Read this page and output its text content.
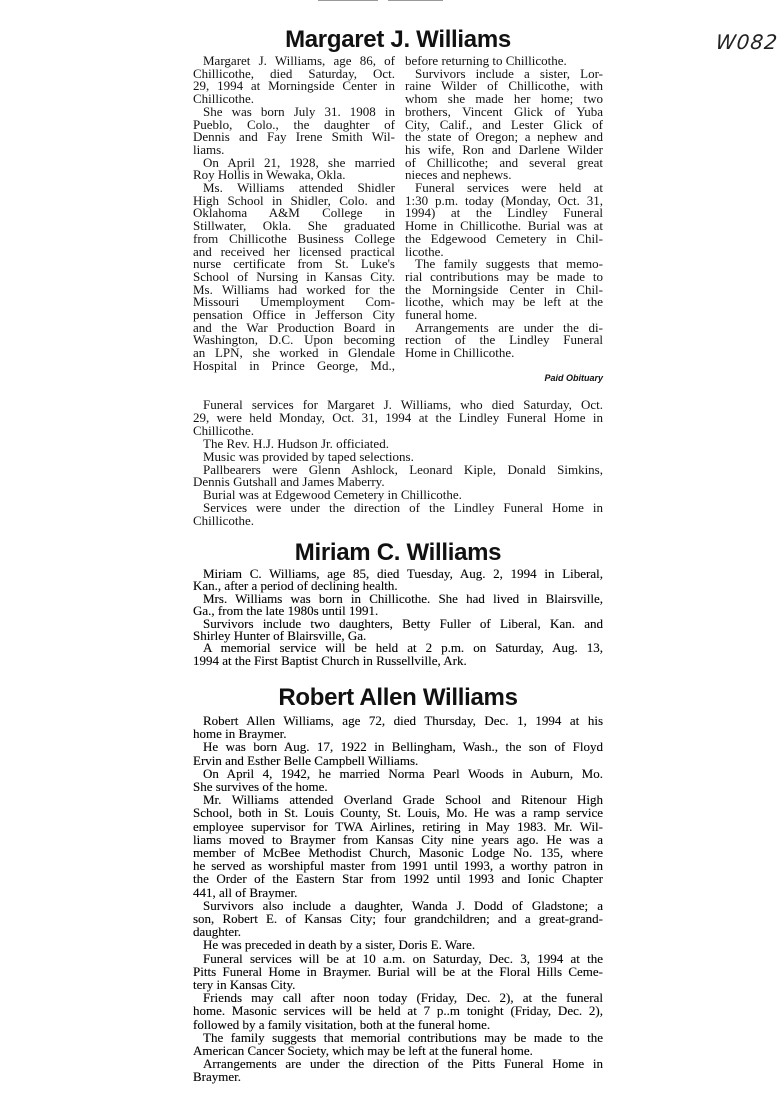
W082
Margaret J. Williams
Margaret J. Williams, age 86, of
Chillicothe, died Saturday, Oct.
29, 1994 at Morningside Center in
Chillicothe.
She was born July 31. 1908 in
Pueblo, Colo., the daughter of
Dennis and Fay Irene Smith Wil-
liams.
On April 21, 1928, she married
Roy Hollis in Wewaka, Okla.
Ms. Williams attended Shidler
High School in Shidler, Colo. and
Oklahoma A&M College in
Stillwater, Okla. She graduated
from Chillicothe Business College
and received her licensed practical
nurse certificate from St. Luke's
School of Nursing in Kansas City.
Ms. Williams had worked for the
Missouri Umemployment Com-
pensation Office in Jefferson City
and the War Production Board in
Washington, D.C. Upon becoming
an LPN, she worked in Glendale
Hospital in Prince George, Md.,
before returning to Chillicothe.
Survivors include a sister, Lor-
raine Wilder of Chillicothe, with
whom she made her home; two
brothers, Vincent Glick of Yuba
City, Calif., and Lester Glick of
the state of Oregon; a nephew and
his wife, Ron and Darlene Wilder
of Chillicothe; and several great
nieces and nephews.
Funeral services were held at
1:30 p.m. today (Monday, Oct. 31,
1994) at the Lindley Funeral
Home in Chillicothe. Burial was at
the Edgewood Cemetery in Chil-
licothe.
The family suggests that memo-
rial contributions may be made to
the Morningside Center in Chil-
licothe, which may be left at the
funeral home.
Arrangements are under the di-
rection of the Lindley Funeral
Home in Chillicothe.
Paid Obituary
Funeral services for Margaret J. Williams, who died Saturday, Oct.
29, were held Monday, Oct. 31, 1994 at the Lindley Funeral Home in
Chillicothe.
The Rev. H.J. Hudson Jr. officiated.
Music was provided by taped selections.
Pallbearers were Glenn Ashlock, Leonard Kiple, Donald Simkins,
Dennis Gutshall and James Maberry.
Burial was at Edgewood Cemetery in Chillicothe.
Services were under the direction of the Lindley Funeral Home in
Chillicothe.
Miriam C. Williams
Miriam C. Williams, age 85, died Tuesday, Aug. 2, 1994 in Liberal,
Kan., after a period of declining health.
Mrs. Williams was born in Chillicothe. She had lived in Blairsville,
Ga., from the late 1980s until 1991.
Survivors include two daughters, Betty Fuller of Liberal, Kan. and
Shirley Hunter of Blairsville, Ga.
A memorial service will be held at 2 p.m. on Saturday, Aug. 13,
1994 at the First Baptist Church in Russellville, Ark.
Robert Allen Williams
Robert Allen Williams, age 72, died Thursday, Dec. 1, 1994 at his
home in Braymer.
He was born Aug. 17, 1922 in Bellingham, Wash., the son of Floyd
Ervin and Esther Belle Campbell Williams.
On April 4, 1942, he married Norma Pearl Woods in Auburn, Mo.
She survives of the home.
Mr. Williams attended Overland Grade School and Ritenour High
School, both in St. Louis County, St. Louis, Mo. He was a ramp service
employee supervisor for TWA Airlines, retiring in May 1983. Mr. Wil-
liams moved to Braymer from Kansas City nine years ago. He was a
member of McBee Methodist Church, Masonic Lodge No. 135, where
he served as worshipful master from 1991 until 1993, a worthy patron in
the Order of the Eastern Star from 1992 until 1993 and Ionic Chapter
441, all of Braymer.
Survivors also include a daughter, Wanda J. Dodd of Gladstone; a
son, Robert E. of Kansas City; four grandchildren; and a great-grand-
daughter.
He was preceded in death by a sister, Doris E. Ware.
Funeral services will be at 10 a.m. on Saturday, Dec. 3, 1994 at the
Pitts Funeral Home in Braymer. Burial will be at the Floral Hills Ceme-
tery in Kansas City.
Friends may call after noon today (Friday, Dec. 2), at the funeral
home. Masonic services will be held at 7 p..m tonight (Friday, Dec. 2),
followed by a family visitation, both at the funeral home.
The family suggests that memorial contributions may be made to the
American Cancer Society, which may be left at the funeral home.
Arrangements are under the direction of the Pitts Funeral Home in
Braymer.
